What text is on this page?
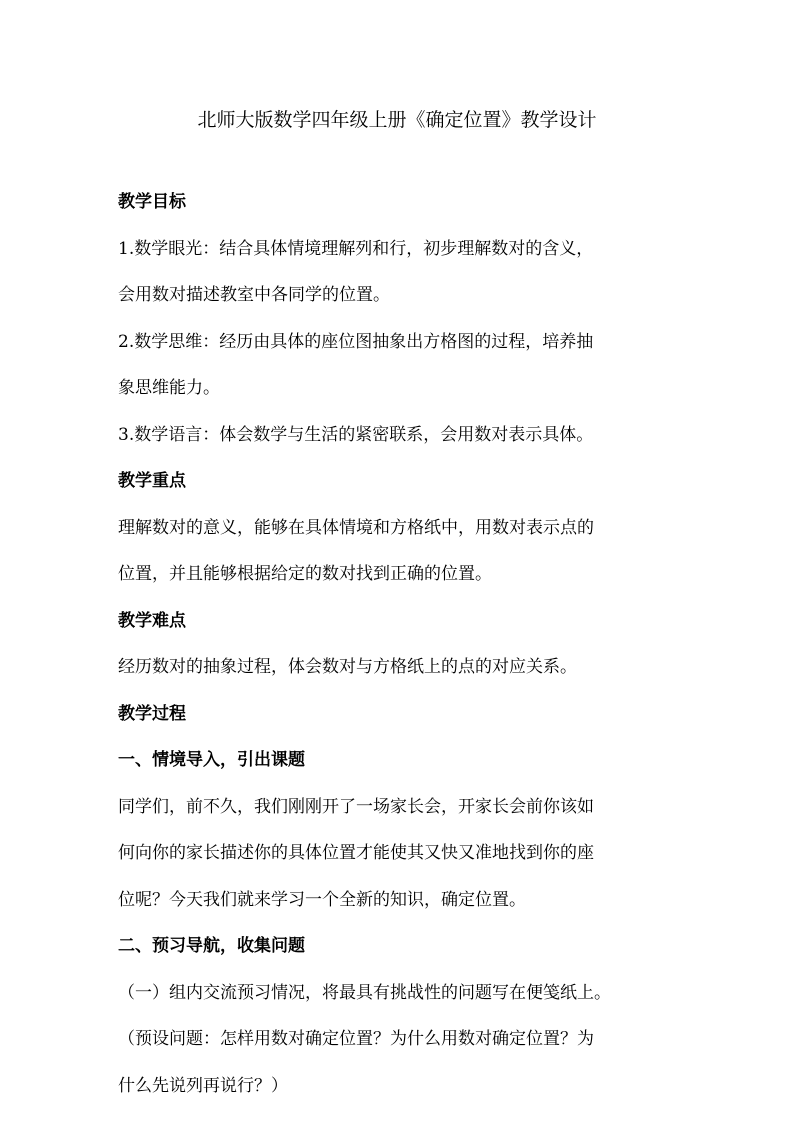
北师大版数学四年级上册《确定位置》教学设计
教学目标
1.数学眼光：结合具体情境理解列和行，初步理解数对的含义，
会用数对描述教室中各同学的位置。
2.数学思维：经历由具体的座位图抽象出方格图的过程，培养抽
象思维能力。
3.数学语言：体会数学与生活的紧密联系，会用数对表示具体。
教学重点
理解数对的意义，能够在具体情境和方格纸中，用数对表示点的
位置，并且能够根据给定的数对找到正确的位置。
教学难点
经历数对的抽象过程，体会数对与方格纸上的点的对应关系。
教学过程
一、情境导入，引出课题
同学们，前不久，我们刚刚开了一场家长会，开家长会前你该如
何向你的家长描述你的具体位置才能使其又快又准地找到你的座
位呢？今天我们就来学习一个全新的知识，确定位置。
二、预习导航，收集问题
（一）组内交流预习情况，将最具有挑战性的问题写在便笺纸上。
（预设问题：怎样用数对确定位置？为什么用数对确定位置？为
什么先说列再说行？）
